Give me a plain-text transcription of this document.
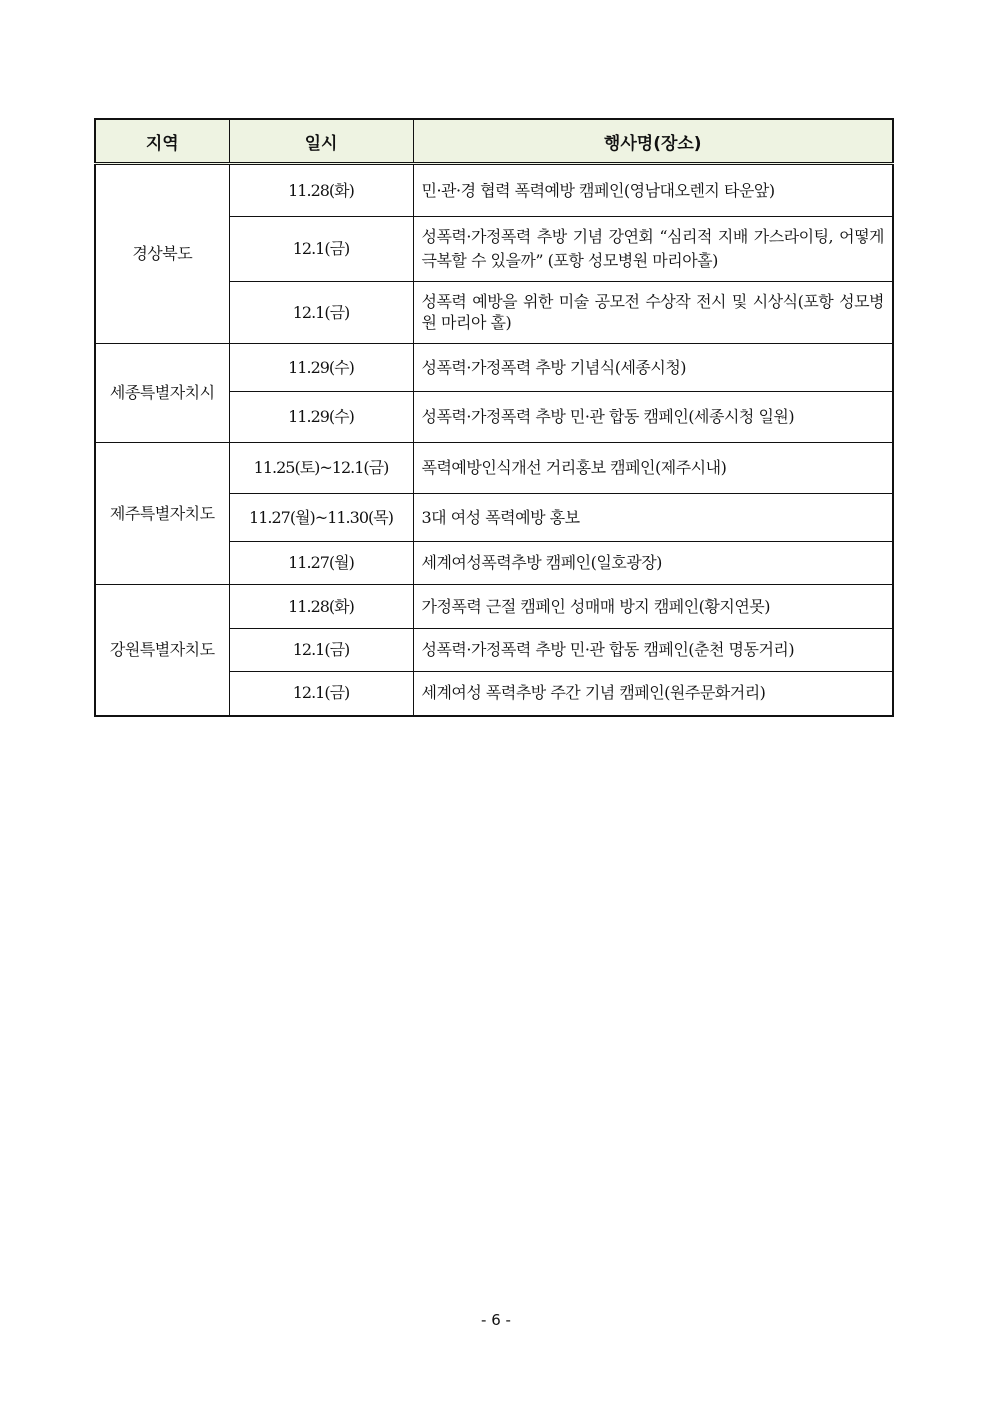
지역	일시	행사명(장소)
경상북도	11.28(화)	민·관·경 협력 폭력예방 캠페인(영남대오렌지 타운앞)
	12.1(금)	성폭력·가정폭력 추방 기념 강연회 “심리적 지배 가스라이팅, 어떻게 극복할 수 있을까” (포항 성모병원 마리아홀)
	12.1(금)	성폭력 예방을 위한 미술 공모전 수상작 전시 및 시상식(포항 성모병원 마리아 홀)
세종특별자치시	11.29(수)	성폭력·가정폭력 추방 기념식(세종시청)
	11.29(수)	성폭력·가정폭력 추방 민·관 합동 캠페인(세종시청 일원)
제주특별자치도	11.25(토)~12.1(금)	폭력예방인식개선 거리홍보 캠페인(제주시내)
	11.27(월)~11.30(목)	3대 여성 폭력예방 홍보
	11.27(월)	세계여성폭력추방 캠페인(일호광장)
강원특별자치도	11.28(화)	가정폭력 근절 캠페인 성매매 방지 캠페인(황지연못)
	12.1(금)	성폭력·가정폭력 추방 민·관 합동 캠페인(춘천 명동거리)
	12.1(금)	세계여성 폭력추방 주간 기념 캠페인(원주문화거리)
- 6 -
